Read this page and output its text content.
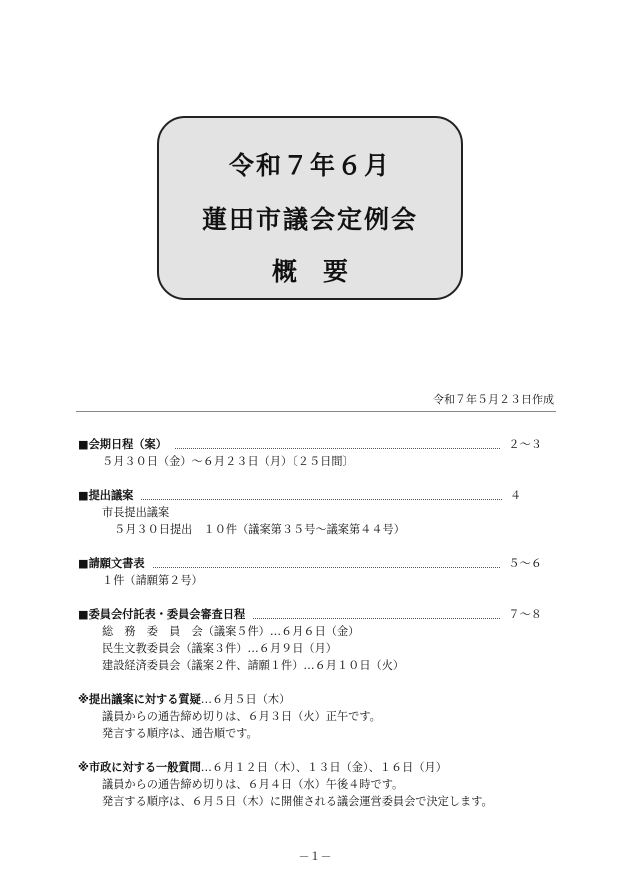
令和７年６月
蓮田市議会定例会
概要
令和７年５月２３日作成
■会期日程（案）	２～３
５月３０日（金）～６月２３日（月）〔２５日間〕
■提出議案	４
市長提出議案
５月３０日提出　１０件（議案第３５号～議案第４４号）
■請願文書表	５～６
１件（請願第２号）
■委員会付託表・委員会審査日程	７～８
総　務　委　員　会（議案５件）…６月６日（金）
民生文教委員会（議案３件）…６月９日（月）
建設経済委員会（議案２件、請願１件）…６月１０日（火）
※提出議案に対する質疑…６月５日（木）
議員からの通告締め切りは、６月３日（火）正午です。
発言する順序は、通告順です。
※市政に対する一般質問…６月１２日（木）、１３日（金）、１６日（月）
議員からの通告締め切りは、６月４日（水）午後４時です。
発言する順序は、６月５日（木）に開催される議会運営委員会で決定します。
－１－
